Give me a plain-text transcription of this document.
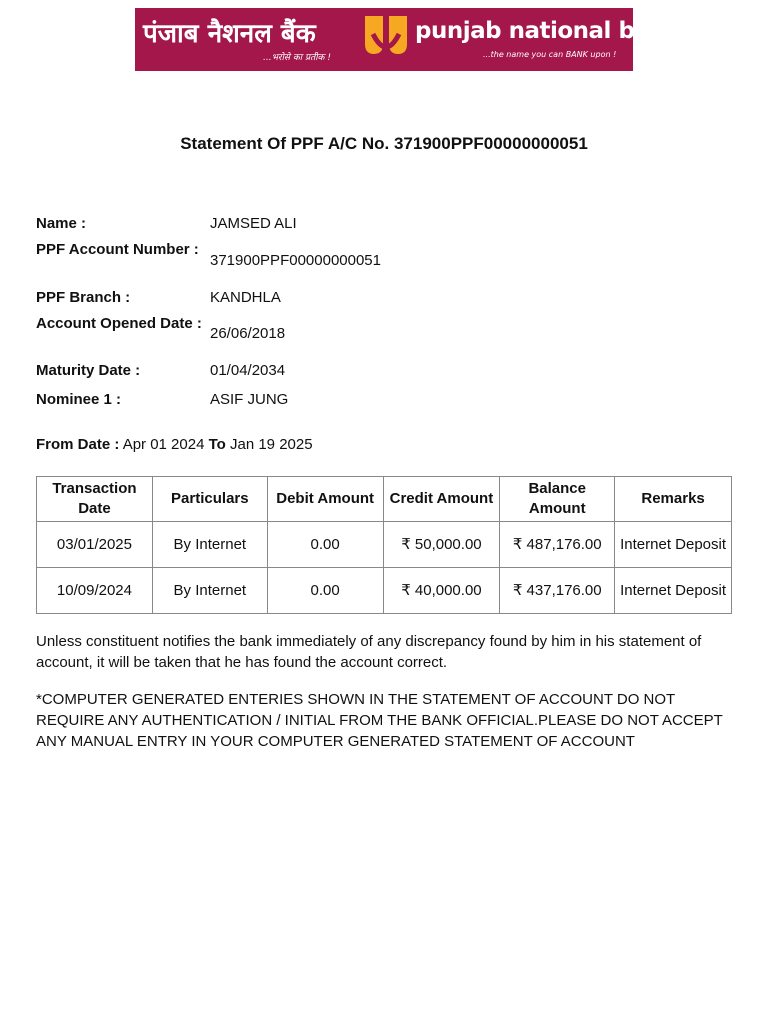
पंजाब नैशनल बैंक
...भरोसे का प्रतीक !
punjab national bank
...the name you can BANK upon !
Statement Of PPF A/C No. 371900PPF00000000051
Name :	JAMSED ALI
PPF Account Number :
371900PPF00000000051
PPF Branch :	KANDHLA
Account Opened Date :
26/06/2018
Maturity Date :	01/04/2034
Nominee 1 :	ASIF JUNG
From Date : Apr 01 2024 To Jan 19 2025
Transaction Date	Particulars	Debit Amount	Credit Amount	Balance Amount	Remarks
03/01/2025	By Internet	0.00	₹ 50,000.00	₹ 487,176.00	Internet Deposit
10/09/2024	By Internet	0.00	₹ 40,000.00	₹ 437,176.00	Internet Deposit
Unless constituent notifies the bank immediately of any discrepancy found by him in his statement of account, it will be taken that he has found the account correct.
*COMPUTER GENERATED ENTERIES SHOWN IN THE STATEMENT OF ACCOUNT DO NOT REQUIRE ANY AUTHENTICATION / INITIAL FROM THE BANK OFFICIAL.PLEASE DO NOT ACCEPT ANY MANUAL ENTRY IN YOUR COMPUTER GENERATED STATEMENT OF ACCOUNT
